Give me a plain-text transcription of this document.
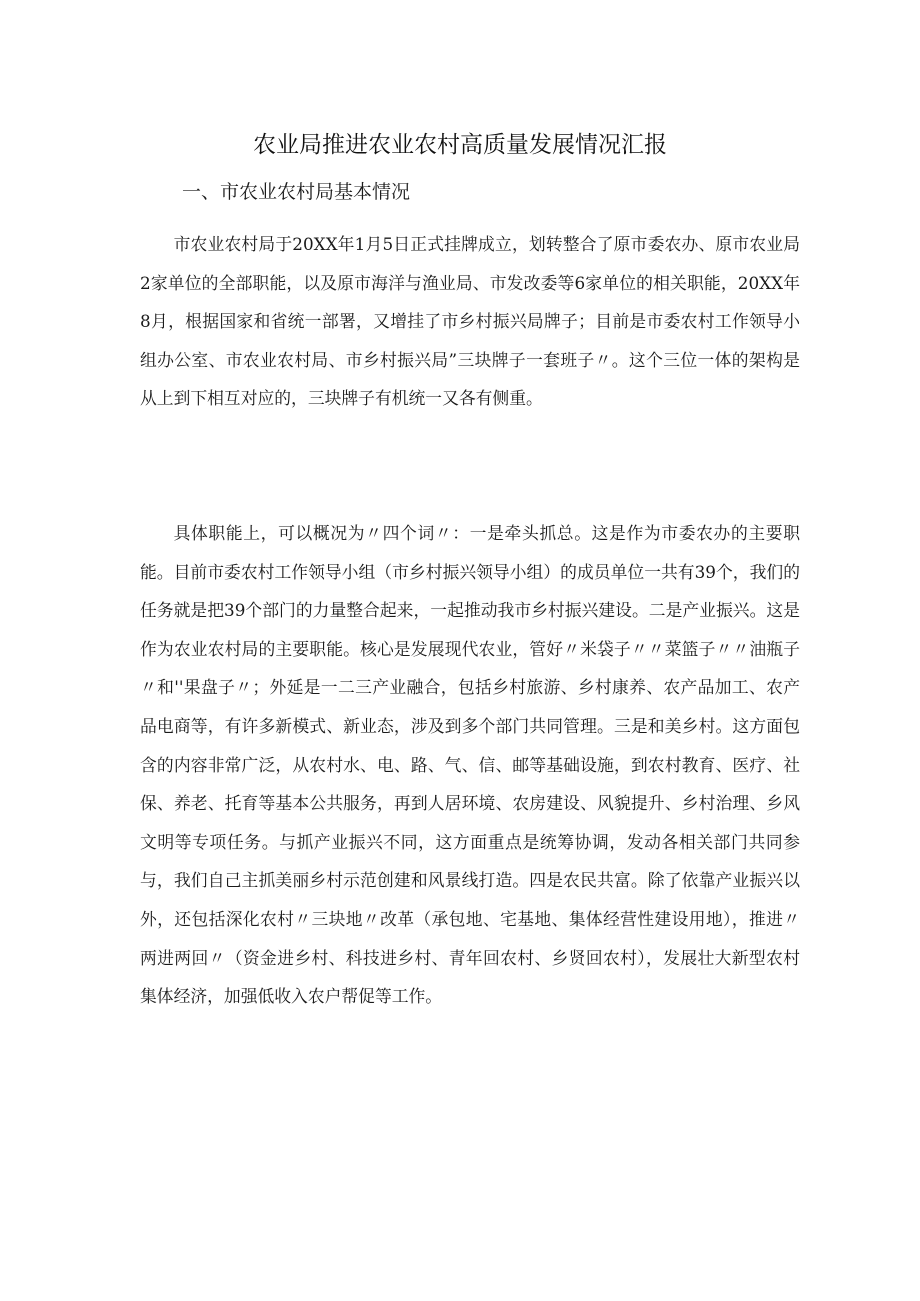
农业局推进农业农村高质量发展情况汇报
一、市农业农村局基本情况

市农业农村局于20XX年1月5日正式挂牌成立，划转整合了原市委农办、原市农业局2家单位的全部职能，以及原市海洋与渔业局、市发改委等6家单位的相关职能，20XX年8月，根据国家和省统一部署，又增挂了市乡村振兴局牌子；目前是市委农村工作领导小组办公室、市农业农村局、市乡村振兴局”三块牌子一套班子〃。这个三位一体的架构是从上到下相互对应的，三块牌子有机统一又各有侧重。

具体职能上，可以概况为〃四个词〃：一是牵头抓总。这是作为市委农办的主要职能。目前市委农村工作领导小组（市乡村振兴领导小组）的成员单位一共有39个，我们的任务就是把39个部门的力量整合起来，一起推动我市乡村振兴建设。二是产业振兴。这是作为农业农村局的主要职能。核心是发展现代农业，管好〃米袋子〃〃菜篮子〃〃油瓶子〃和''果盘子〃；外延是一二三产业融合，包括乡村旅游、乡村康养、农产品加工、农产品电商等，有许多新模式、新业态，涉及到多个部门共同管理。三是和美乡村。这方面包含的内容非常广泛，从农村水、电、路、气、信、邮等基础设施，到农村教育、医疗、社保、养老、托育等基本公共服务，再到人居环境、农房建设、风貌提升、乡村治理、乡风文明等专项任务。与抓产业振兴不同，这方面重点是统筹协调，发动各相关部门共同参与，我们自己主抓美丽乡村示范创建和风景线打造。四是农民共富。除了依靠产业振兴以外，还包括深化农村〃三块地〃改革（承包地、宅基地、集体经营性建设用地），推进〃两进两回〃（资金进乡村、科技进乡村、青年回农村、乡贤回农村），发展壮大新型农村集体经济，加强低收入农户帮促等工作。
